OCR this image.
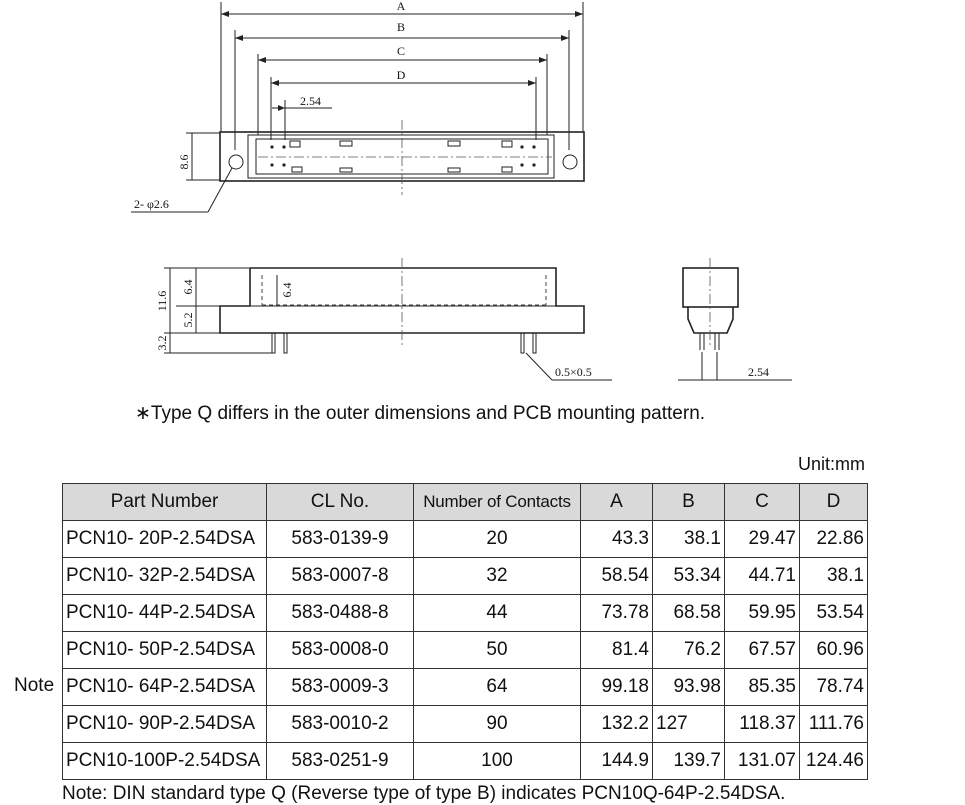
A
B
C
D
2.54
8.6
2- φ2.6
11.6
6.4
5.2
3.2
6.4
0.5×0.5	2.54
∗Type Q differs in the outer dimensions and PCB mounting pattern.
Unit:mm
Part Number	CL No.	Number of Contacts	A	B	C	D
PCN10- 20P-2.54DSA	583-0139-9	20	43.3	38.1	29.47	22.86
PCN10- 32P-2.54DSA	583-0007-8	32	58.54	53.34	44.71	38.1
PCN10- 44P-2.54DSA	583-0488-8	44	73.78	68.58	59.95	53.54
PCN10- 50P-2.54DSA	583-0008-0	50	81.4	76.2	67.57	60.96
PCN10- 64P-2.54DSA	583-0009-3	64	99.18	93.98	85.35	78.74
PCN10- 90P-2.54DSA	583-0010-2	90	132.2	127	118.37	111.76
PCN10-100P-2.54DSA	583-0251-9	100	144.9	139.7	131.07	124.46
Note
Note: DIN standard type Q (Reverse type of type B) indicates PCN10Q-64P-2.54DSA.
